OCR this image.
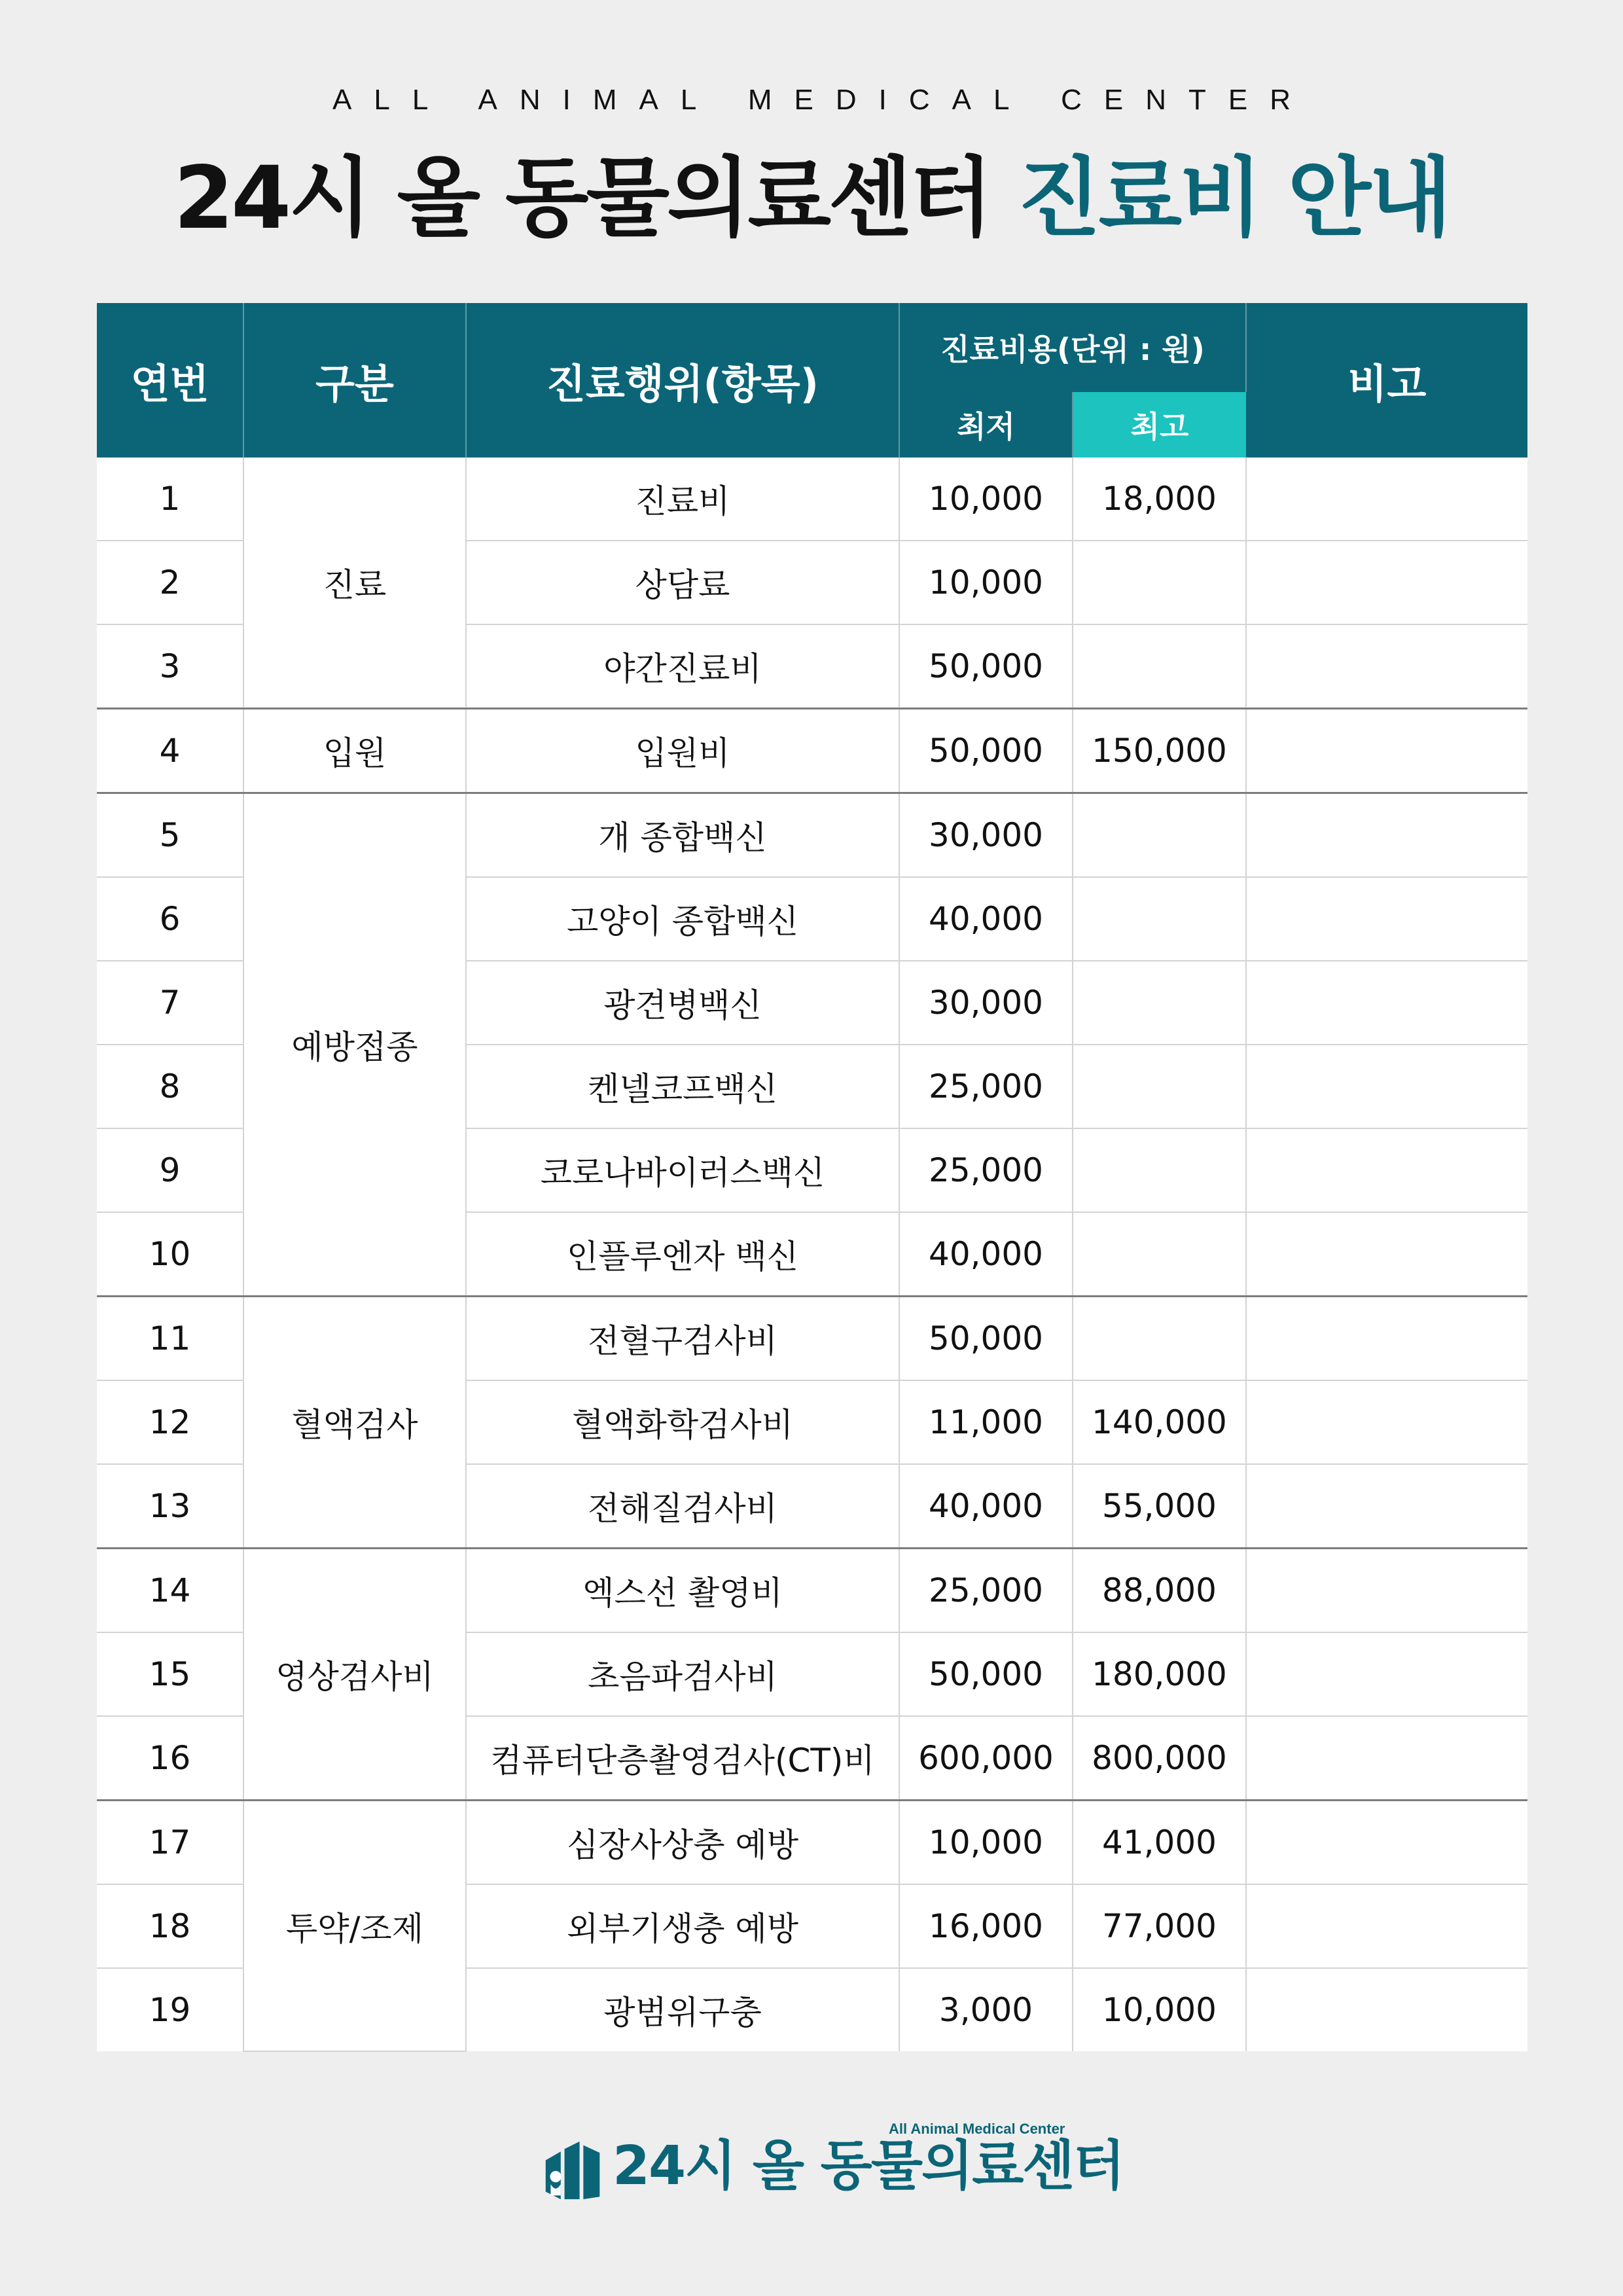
ALL ANIMAL MEDICAL CENTER
24시 올 동물의료센터 진료비 안내
연번	구분	진료행위(항목)	진료비용(단위 : 원)		비고
			최저	최고	
1	진료	진료비	10,000	18,000	
2		상담료	10,000		
3		야간진료비	50,000		
4	입원	입원비	50,000	150,000	
5	예방접종	개 종합백신	30,000		
6		고양이 종합백신	40,000		
7		광견병백신	30,000		
8		켄넬코프백신	25,000		
9		코로나바이러스백신	25,000		
10		인플루엔자 백신	40,000		
11	혈액검사	전혈구검사비	50,000		
12		혈액화학검사비	11,000	140,000	
13		전해질검사비	40,000	55,000	
14	영상검사비	엑스선 촬영비	25,000	88,000	
15		초음파검사비	50,000	180,000	
16		컴퓨터단층촬영검사(CT)비	600,000	800,000	
17	투약/조제	심장사상충 예방	10,000	41,000	
18		외부기생충 예방	16,000	77,000	
19		광범위구충	3,000	10,000	
All Animal Medical Center
24시 올 동물의료센터
